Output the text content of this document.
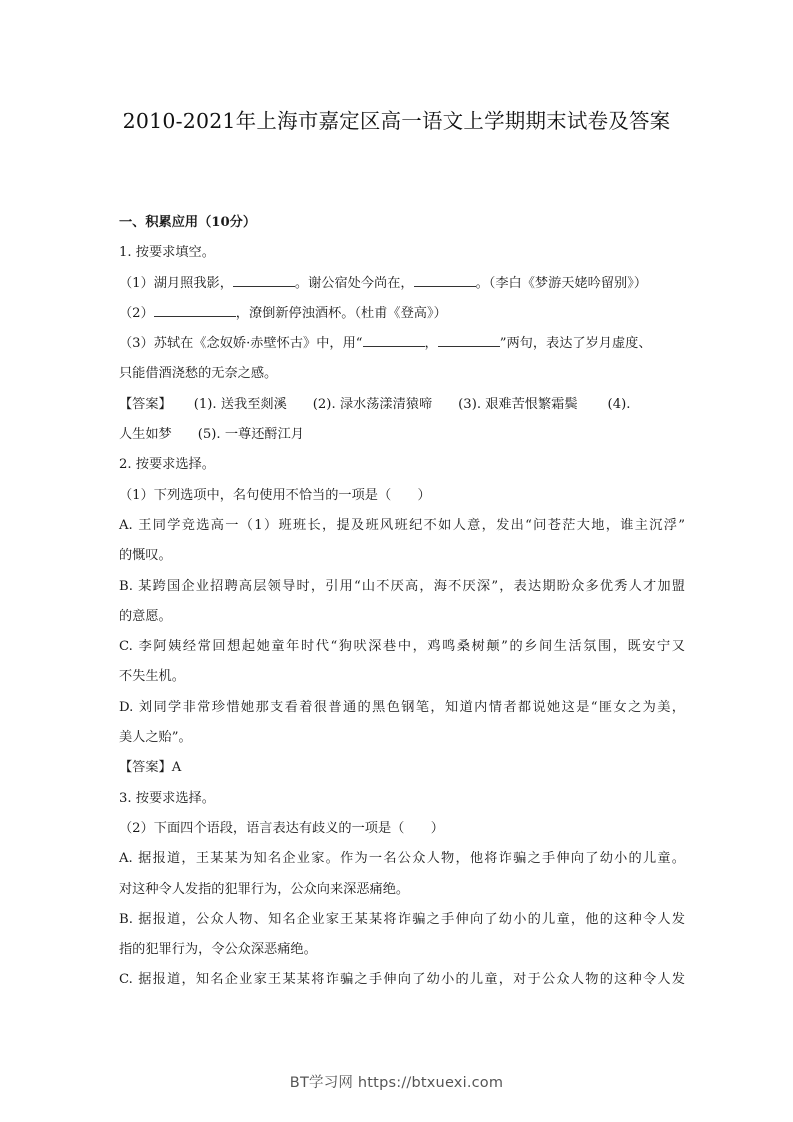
2010-2021年上海市嘉定区高一语文上学期期末试卷及答案
一、积累应用（10分）
1. 按要求填空。
（1）湖月照我影，	。谢公宿处今尚在，	。（李白《梦游天姥吟留别》）
（2）	，潦倒新停浊酒杯。（杜甫《登高》）
（3）苏轼在《念奴娇·赤壁怀古》中，用“	，	”两句，表达了岁月虚度、
只能借酒浇愁的无奈之感。
【答案】 (1). 送我至剡溪 (2). 渌水荡漾清猿啼 (3). 艰难苦恨繁霜鬓 (4).
人生如梦 (5). 一尊还酹江月
2. 按要求选择。
（1）下列选项中，名句使用不恰当的一项是（　　）
A. 王同学竞选高一（1）班班长，提及班风班纪不如人意，发出“问苍茫大地，谁主沉浮”
的慨叹。
B. 某跨国企业招聘高层领导时，引用“山不厌高，海不厌深”，表达期盼众多优秀人才加盟
的意愿。
C. 李阿姨经常回想起她童年时代“狗吠深巷中，鸡鸣桑树颠”的乡间生活氛围，既安宁又
不失生机。
D. 刘同学非常珍惜她那支看着很普通的黑色钢笔，知道内情者都说她这是“匪女之为美，
美人之贻”。
【答案】A
3. 按要求选择。
（2）下面四个语段，语言表达有歧义的一项是（　　）
A. 据报道，王某某为知名企业家。作为一名公众人物，他将诈骗之手伸向了幼小的儿童。
对这种令人发指的犯罪行为，公众向来深恶痛绝。
B. 据报道，公众人物、知名企业家王某某将诈骗之手伸向了幼小的儿童，他的这种令人发
指的犯罪行为，令公众深恶痛绝。
C. 据报道，知名企业家王某某将诈骗之手伸向了幼小的儿童，对于公众人物的这种令人发
BT学习网 https://btxuexi.com
